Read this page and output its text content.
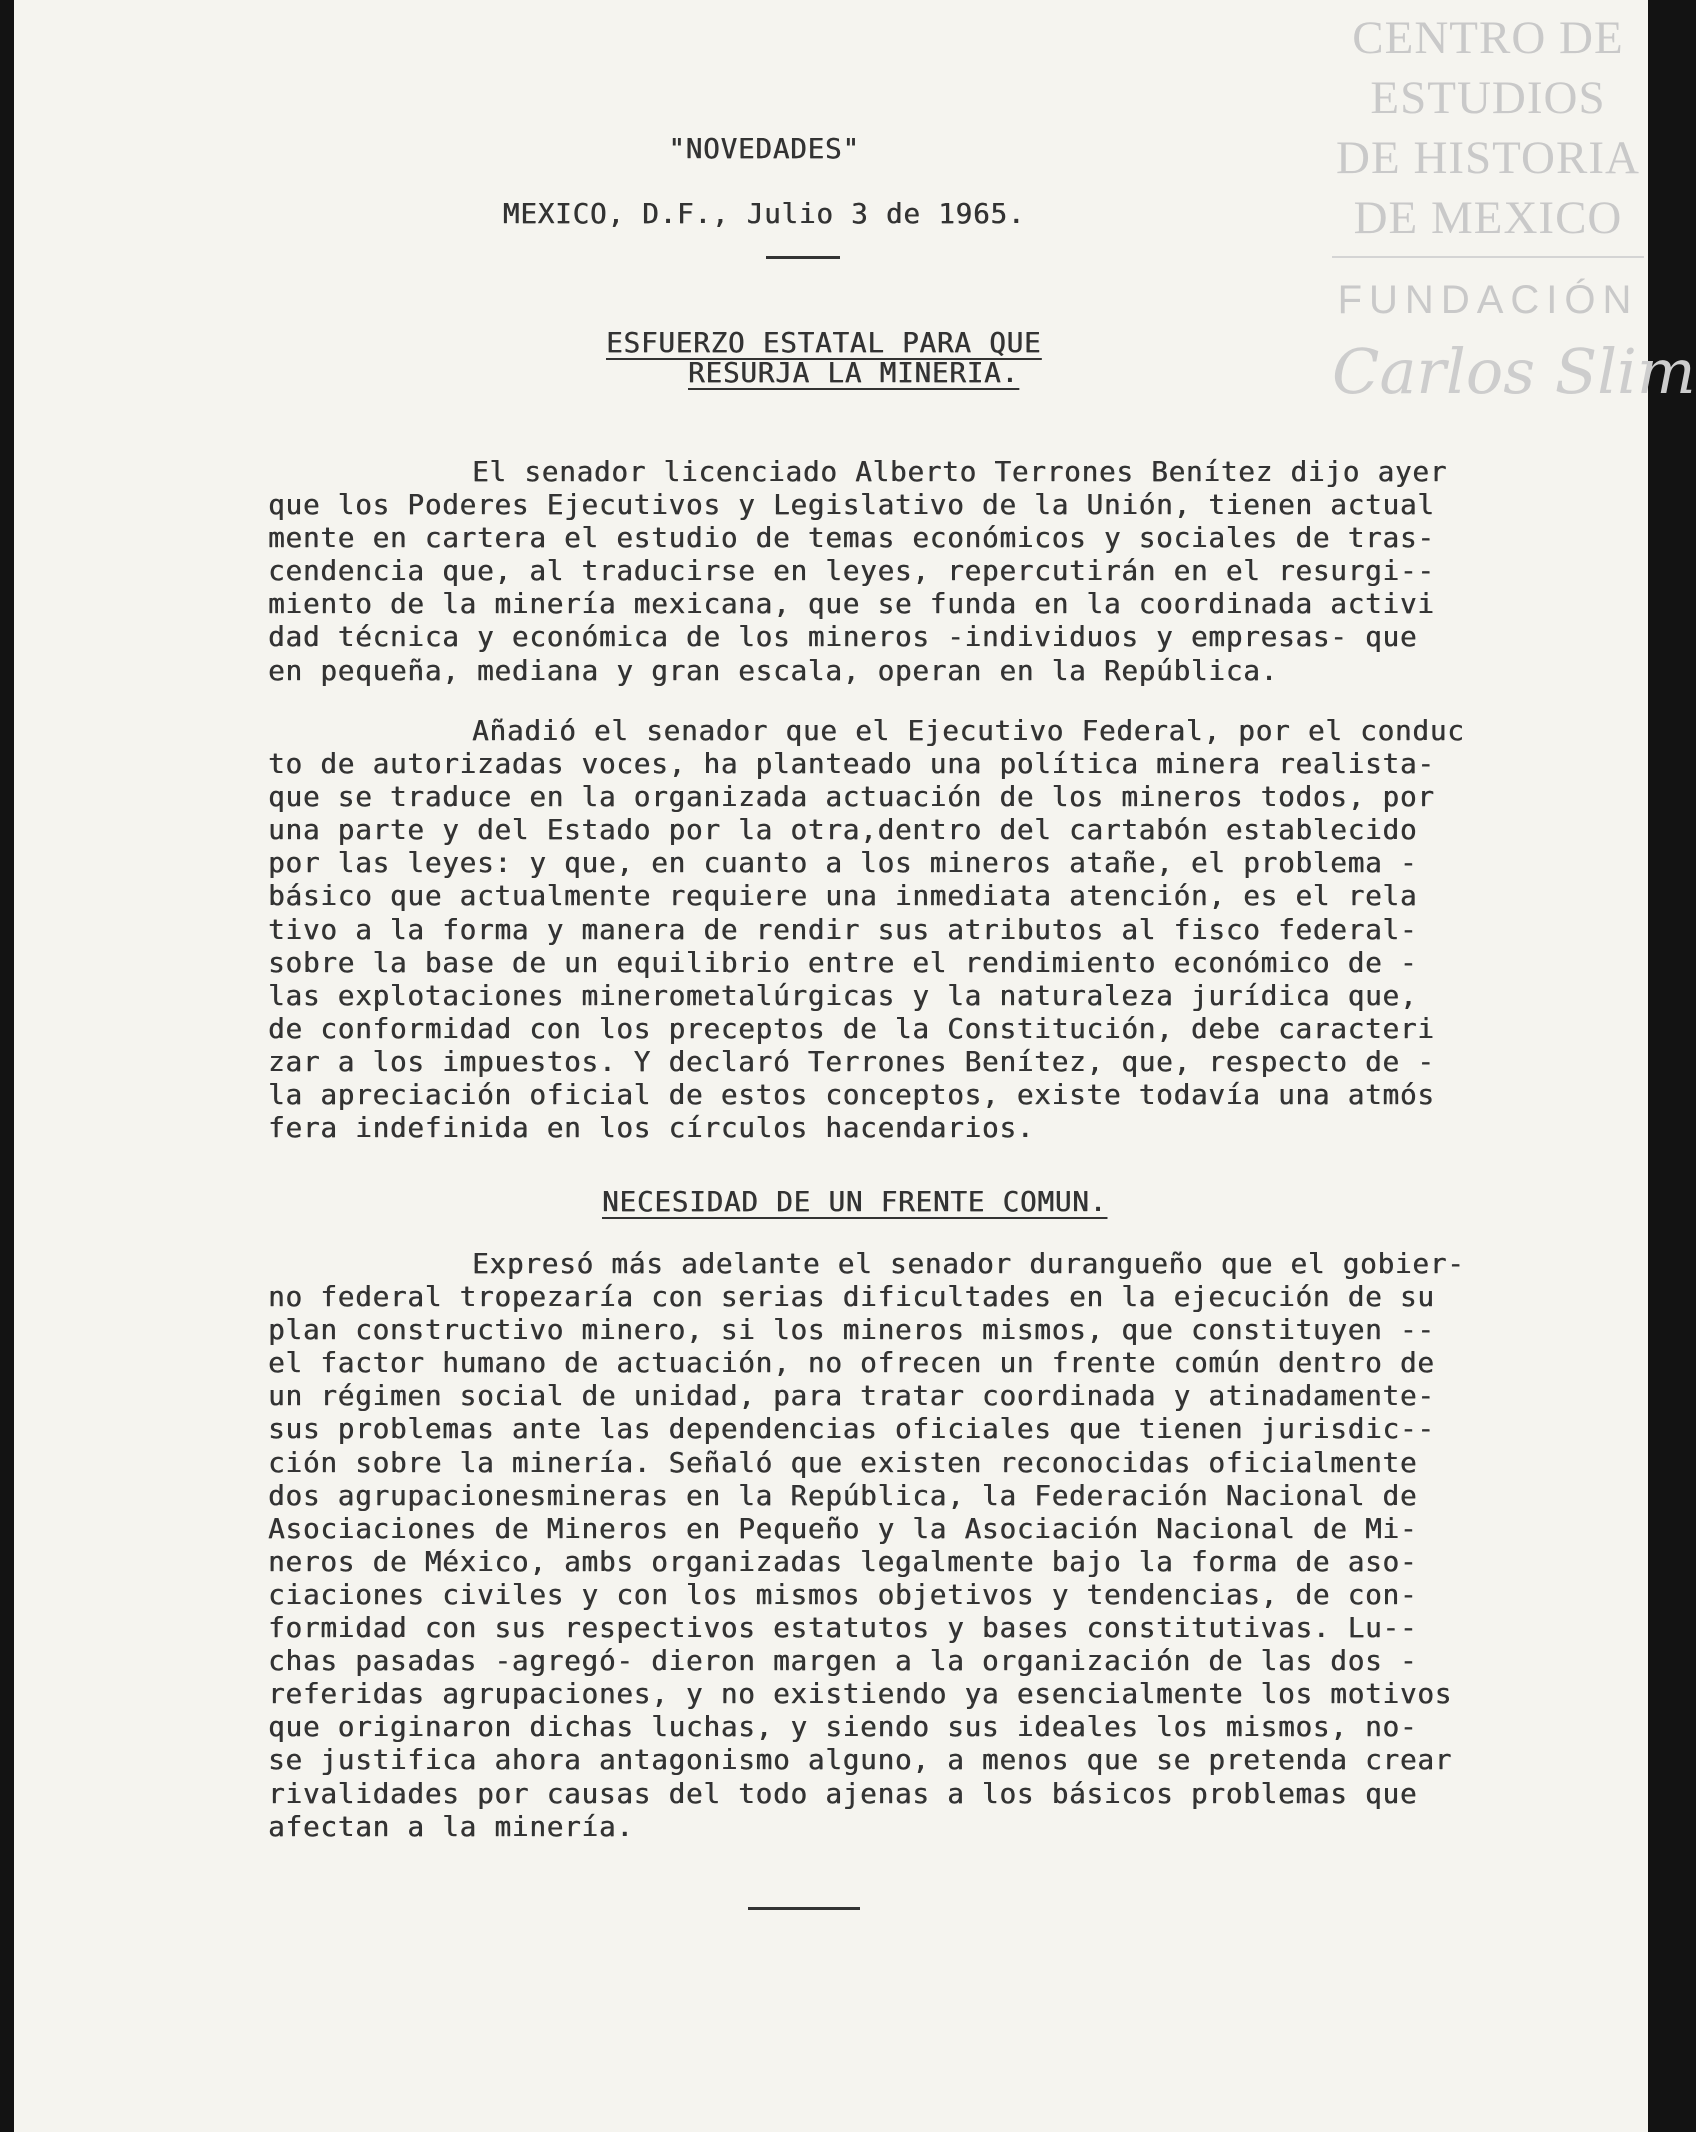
CENTRO DE
ESTUDIOS
DE HISTORIA
DE MEXICO
FUNDACIÓN
Carlos Slim
"NOVEDADES"
MEXICO, D.F., Julio 3 de 1965.
ESFUERZO ESTATAL PARA QUE
RESURJA LA MINERIA.
El senador licenciado Alberto Terrones Benítez dijo ayer
que los Poderes Ejecutivos y Legislativo de la Unión, tienen actual
mente en cartera el estudio de temas económicos y sociales de tras-
cendencia que, al traducirse en leyes, repercutirán en el resurgi--
miento de la minería mexicana, que se funda en la coordinada activi
dad técnica y económica de los mineros -individuos y empresas- que
en pequeña, mediana y gran escala, operan en la República.
Añadió el senador que el Ejecutivo Federal, por el conduc
to de autorizadas voces, ha planteado una política minera realista-
que se traduce en la organizada actuación de los mineros todos, por
una parte y del Estado por la otra,dentro del cartabón establecido
por las leyes: y que, en cuanto a los mineros atañe, el problema -
básico que actualmente requiere una inmediata atención, es el rela
tivo a la forma y manera de rendir sus atributos al fisco federal-
sobre la base de un equilibrio entre el rendimiento económico de -
las explotaciones minerometalúrgicas y la naturaleza jurídica que,
de conformidad con los preceptos de la Constitución, debe caracteri
zar a los impuestos. Y declaró Terrones Benítez, que, respecto de -
la apreciación oficial de estos conceptos, existe todavía una atmós
fera indefinida en los círculos hacendarios.
NECESIDAD DE UN FRENTE COMUN.
Expresó más adelante el senador durangueño que el gobier-
no federal tropezaría con serias dificultades en la ejecución de su
plan constructivo minero, si los mineros mismos, que constituyen --
el factor humano de actuación, no ofrecen un frente común dentro de
un régimen social de unidad, para tratar coordinada y atinadamente-
sus problemas ante las dependencias oficiales que tienen jurisdic--
ción sobre la minería. Señaló que existen reconocidas oficialmente
dos agrupacionesmineras en la República, la Federación Nacional de
Asociaciones de Mineros en Pequeño y la Asociación Nacional de Mi-
neros de México, ambs organizadas legalmente bajo la forma de aso-
ciaciones civiles y con los mismos objetivos y tendencias, de con-
formidad con sus respectivos estatutos y bases constitutivas. Lu--
chas pasadas -agregó- dieron margen a la organización de las dos -
referidas agrupaciones, y no existiendo ya esencialmente los motivos
que originaron dichas luchas, y siendo sus ideales los mismos, no-
se justifica ahora antagonismo alguno, a menos que se pretenda crear
rivalidades por causas del todo ajenas a los básicos problemas que
afectan a la minería.
